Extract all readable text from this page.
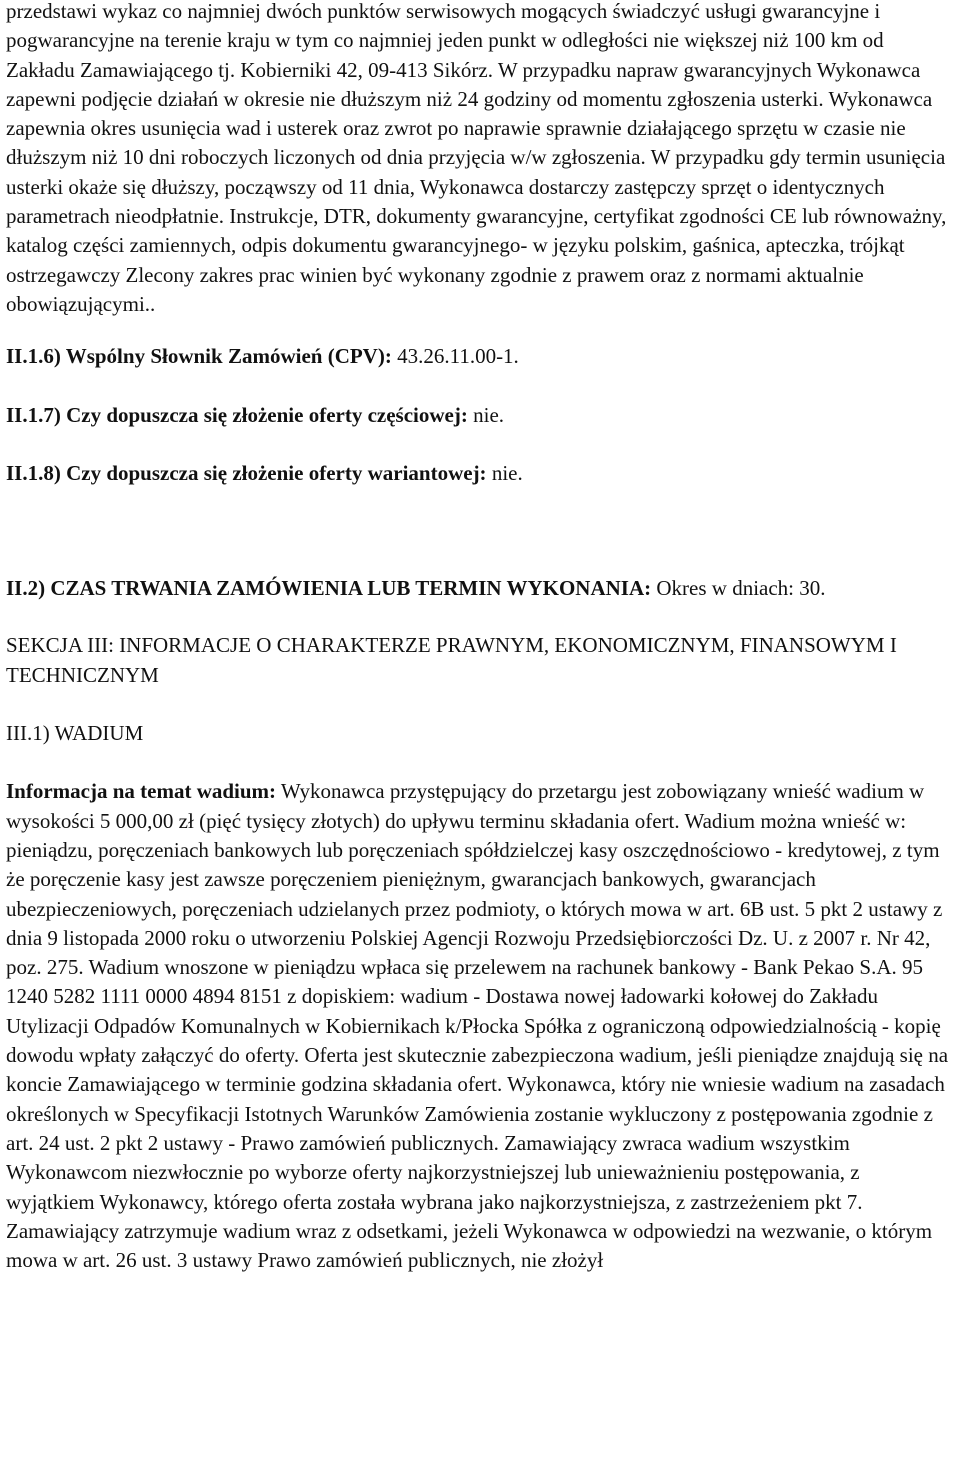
przedstawi wykaz co najmniej dwóch punktów serwisowych mogących świadczyć usługi gwarancyjne i pogwarancyjne na terenie kraju w tym co najmniej jeden punkt w odległości nie większej niż 100 km od Zakładu Zamawiającego tj. Kobierniki 42, 09-413 Sikórz. W przypadku napraw gwarancyjnych Wykonawca zapewni podjęcie działań w okresie nie dłuższym niż 24 godziny od momentu zgłoszenia usterki. Wykonawca zapewnia okres usunięcia wad i usterek oraz zwrot po naprawie sprawnie działającego sprzętu w czasie nie dłuższym niż 10 dni roboczych liczonych od dnia przyjęcia w/w zgłoszenia. W przypadku gdy termin usunięcia usterki okaże się dłuższy, począwszy od 11 dnia, Wykonawca dostarczy zastępczy sprzęt o identycznych parametrach nieodpłatnie. Instrukcje, DTR, dokumenty gwarancyjne, certyfikat zgodności CE lub równoważny, katalog części zamiennych, odpis dokumentu gwarancyjnego- w języku polskim, gaśnica, apteczka, trójkąt ostrzegawczy Zlecony zakres prac winien być wykonany zgodnie z prawem oraz z normami aktualnie obowiązującymi..

II.1.6) Wspólny Słownik Zamówień (CPV): 43.26.11.00-1.

II.1.7) Czy dopuszcza się złożenie oferty częściowej: nie.

II.1.8) Czy dopuszcza się złożenie oferty wariantowej: nie.

II.2) CZAS TRWANIA ZAMÓWIENIA LUB TERMIN WYKONANIA: Okres w dniach: 30.

SEKCJA III: INFORMACJE O CHARAKTERZE PRAWNYM, EKONOMICZNYM, FINANSOWYM I TECHNICZNYM

III.1) WADIUM

Informacja na temat wadium: Wykonawca przystępujący do przetargu jest zobowiązany wnieść wadium w wysokości 5 000,00 zł (pięć tysięcy złotych) do upływu terminu składania ofert. Wadium można wnieść w: pieniądzu, poręczeniach bankowych lub poręczeniach spółdzielczej kasy oszczędnościowo - kredytowej, z tym że poręczenie kasy jest zawsze poręczeniem pieniężnym, gwarancjach bankowych, gwarancjach ubezpieczeniowych, poręczeniach udzielanych przez podmioty, o których mowa w art. 6B ust. 5 pkt 2 ustawy z dnia 9 listopada 2000 roku o utworzeniu Polskiej Agencji Rozwoju Przedsiębiorczości Dz. U. z 2007 r. Nr 42, poz. 275. Wadium wnoszone w pieniądzu wpłaca się przelewem na rachunek bankowy - Bank Pekao S.A. 95 1240 5282 1111 0000 4894 8151 z dopiskiem: wadium - Dostawa nowej ładowarki kołowej do Zakładu Utylizacji Odpadów Komunalnych w Kobiernikach k/Płocka Spółka z ograniczoną odpowiedzialnością - kopię dowodu wpłaty załączyć do oferty. Oferta jest skutecznie zabezpieczona wadium, jeśli pieniądze znajdują się na koncie Zamawiającego w terminie godzina składania ofert. Wykonawca, który nie wniesie wadium na zasadach określonych w Specyfikacji Istotnych Warunków Zamówienia zostanie wykluczony z postępowania zgodnie z art. 24 ust. 2 pkt 2 ustawy - Prawo zamówień publicznych. Zamawiający zwraca wadium wszystkim Wykonawcom niezwłocznie po wyborze oferty najkorzystniejszej lub unieważnieniu postępowania, z wyjątkiem Wykonawcy, którego oferta została wybrana jako najkorzystniejsza, z zastrzeżeniem pkt 7. Zamawiający zatrzymuje wadium wraz z odsetkami, jeżeli Wykonawca w odpowiedzi na wezwanie, o którym mowa w art. 26 ust. 3 ustawy Prawo zamówień publicznych, nie złożył
